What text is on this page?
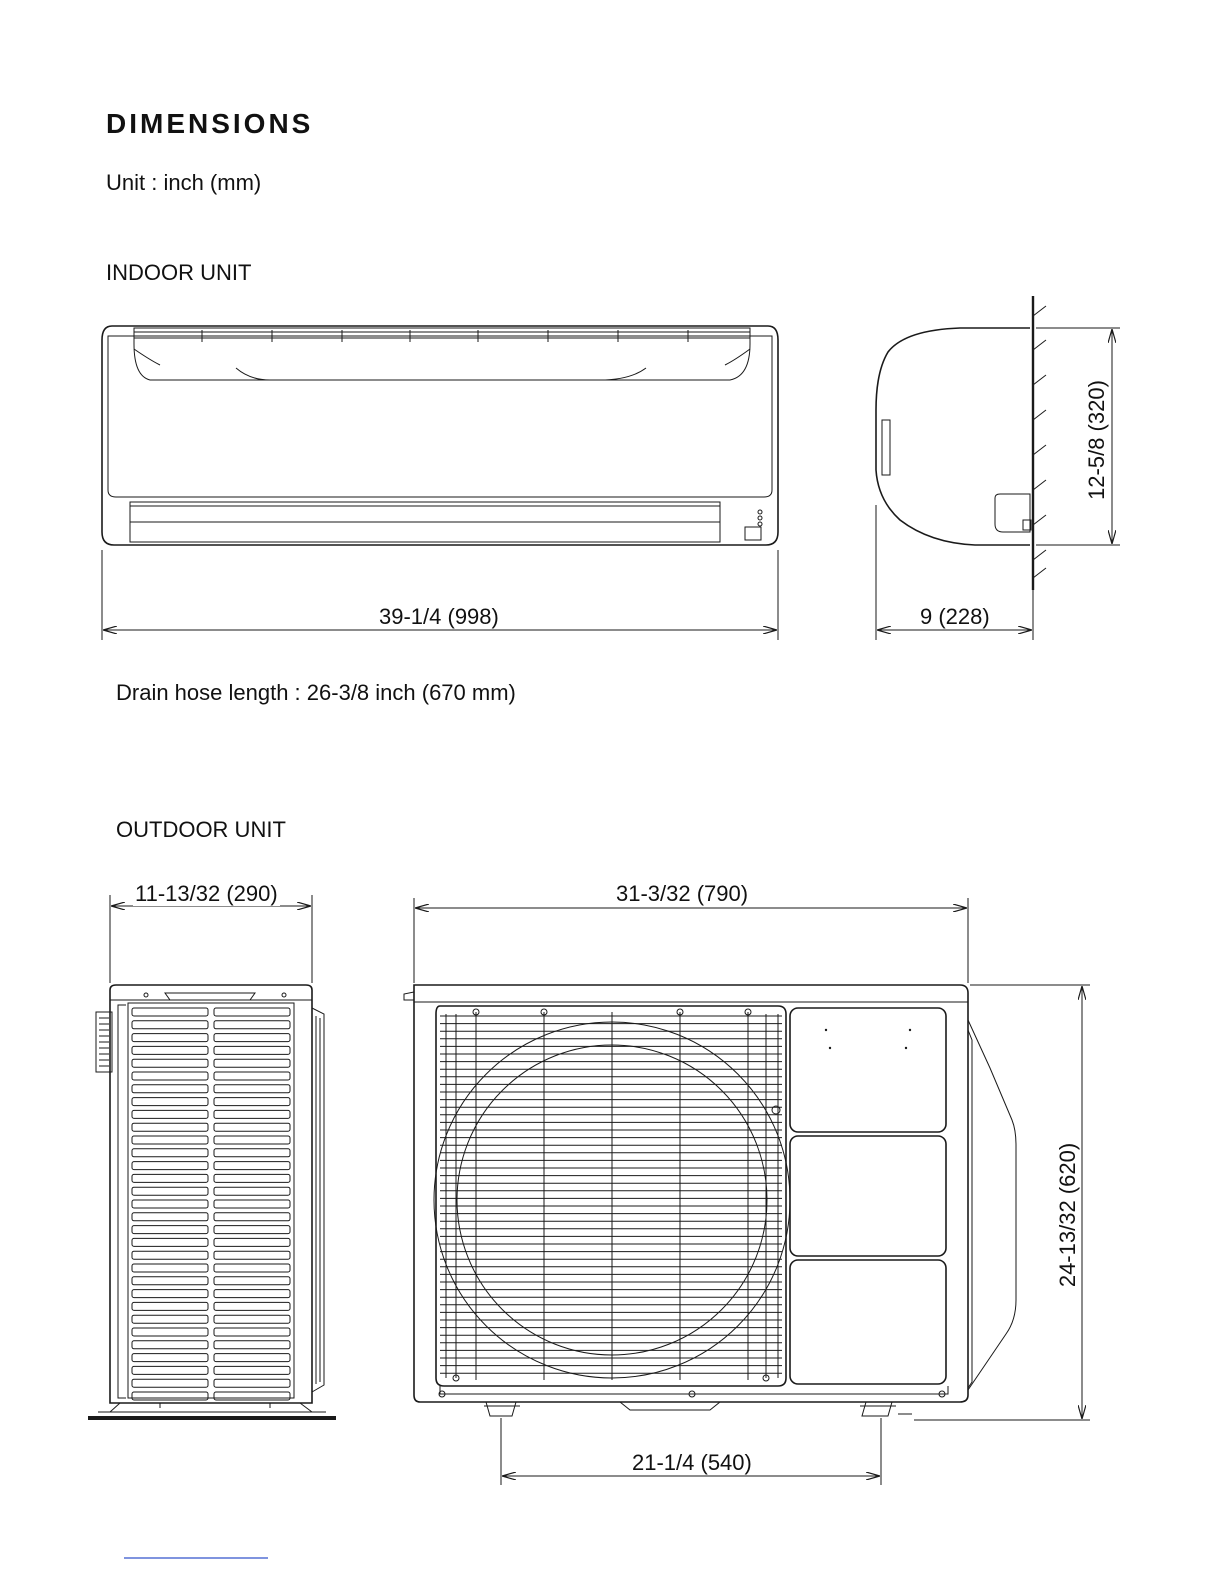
DIMENSIONS
Unit : inch (mm)
INDOOR UNIT
Drain hose length : 26-3/8 inch (670 mm)
OUTDOOR UNIT
39-1/4 (998)	9 (228)
12-5/8 (320)
11-13/32 (290)	31-3/32 (790)
24-13/32 (620)
21-1/4 (540)
